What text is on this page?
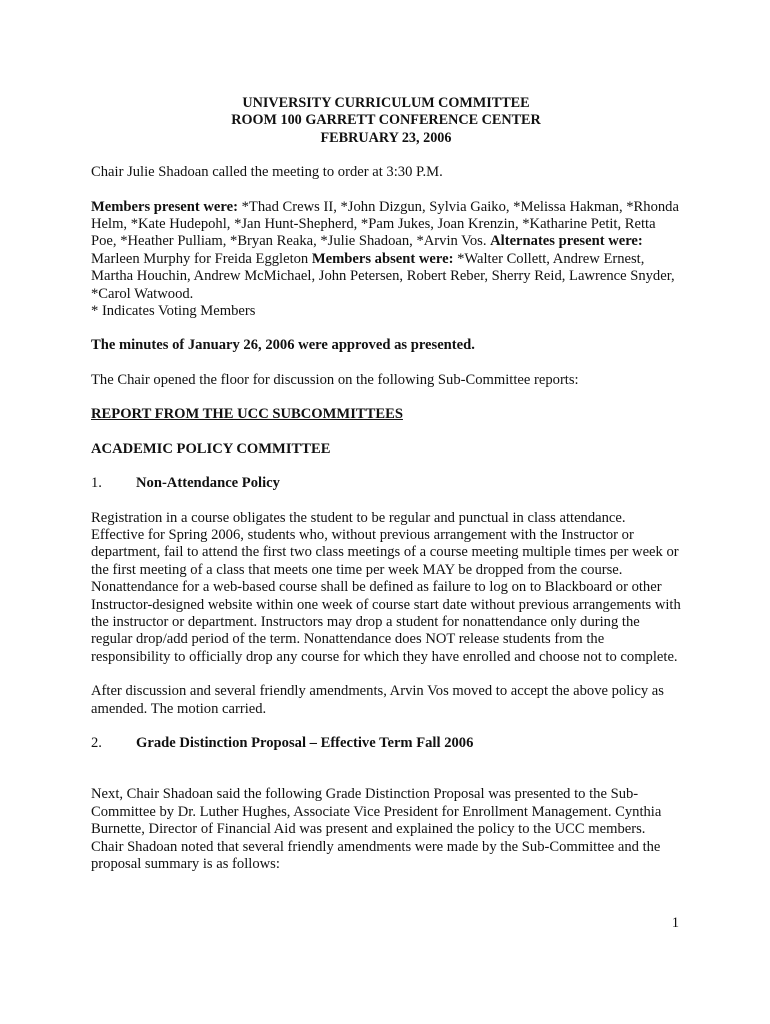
UNIVERSITY CURRICULUM COMMITTEE
ROOM 100 GARRETT CONFERENCE CENTER
FEBRUARY 23, 2006

Chair Julie Shadoan called the meeting to order at 3:30 P.M.

Members present were: *Thad Crews II, *John Dizgun, Sylvia Gaiko, *Melissa Hakman, *Rhonda Helm, *Kate Hudepohl, *Jan Hunt-Shepherd, *Pam Jukes, Joan Krenzin, *Katharine Petit, Retta Poe, *Heather Pulliam, *Bryan Reaka, *Julie Shadoan, *Arvin Vos. Alternates present were: Marleen Murphy for Freida Eggleton Members absent were: *Walter Collett, Andrew Ernest, Martha Houchin, Andrew McMichael, John Petersen, Robert Reber, Sherry Reid, Lawrence Snyder, *Carol Watwood.

* Indicates Voting Members

The minutes of January 26, 2006 were approved as presented.

The Chair opened the floor for discussion on the following Sub-Committee reports:

REPORT FROM THE UCC SUBCOMMITTEES

ACADEMIC POLICY COMMITTEE

1.	Non-Attendance Policy

Registration in a course obligates the student to be regular and punctual in class attendance. Effective for Spring 2006, students who, without previous arrangement with the Instructor or department, fail to attend the first two class meetings of a course meeting multiple times per week or the first meeting of a class that meets one time per week MAY be dropped from the course. Nonattendance for a web-based course shall be defined as failure to log on to Blackboard or other Instructor-designed website within one week of course start date without previous arrangements with the instructor or department. Instructors may drop a student for nonattendance only during the regular drop/add period of the term. Nonattendance does NOT release students from the responsibility to officially drop any course for which they have enrolled and choose not to complete.

After discussion and several friendly amendments, Arvin Vos moved to accept the above policy as amended. The motion carried.

2.	Grade Distinction Proposal – Effective Term Fall 2006

Next, Chair Shadoan said the following Grade Distinction Proposal was presented to the Sub-Committee by Dr. Luther Hughes, Associate Vice President for Enrollment Management. Cynthia Burnette, Director of Financial Aid was present and explained the policy to the UCC members. Chair Shadoan noted that several friendly amendments were made by the Sub-Committee and the proposal summary is as follows:

1
